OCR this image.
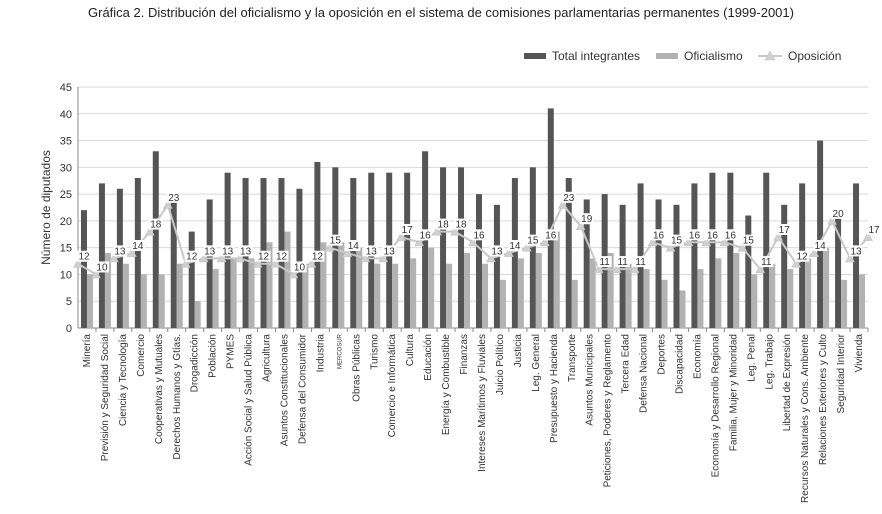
Gráfica 2. Distribución del oficialismo y la oposición en el sistema de comisiones parlamentarias permanentes (1999-2001)
0
5
10
15
20
25
30
35
40
45
Número de diputados
Minería Previsión y Seguridad Social Ciencia y Tecnología Comercio Cooperativas y Mutuales Derechos Humanos y Gtías. Drogadicción Población PYMES Acción Social y Salud Pública Agricultura Asuntos Constitucionales Defensa del Consumidor Industria MERCOSUR Obras Públicas Turismo Comercio e Informática Cultura Educación Energía y Combustible Finanzas Intereses Marítimos y Fluviales Juicio Político Justicia Leg. General Presupuesto y Hacienda Transporte Asuntos Municipales Peticiones, Poderes y Reglamento Tercera Edad Defensa Nacional Deportes Discapacidad Economía Economía y Desarrollo Regional Familia, Mujer y Minoridad Leg. Penal Leg. Trabajo Libertad de Expresión Recursos Naturales y Cons. Ambiente Relaciones Exteriores y Culto Seguridad Interior Vivienda
12
10
13 14
18
23
12 13 13 13 12 12
10
12
15 14 13 13
17 16
18 18
16
13 14 15 16
23
19
11 11 11
16 15 16 16 16 15
11
17
12
14
20
13
17
Total integrantes	Oficialismo	Oposición
